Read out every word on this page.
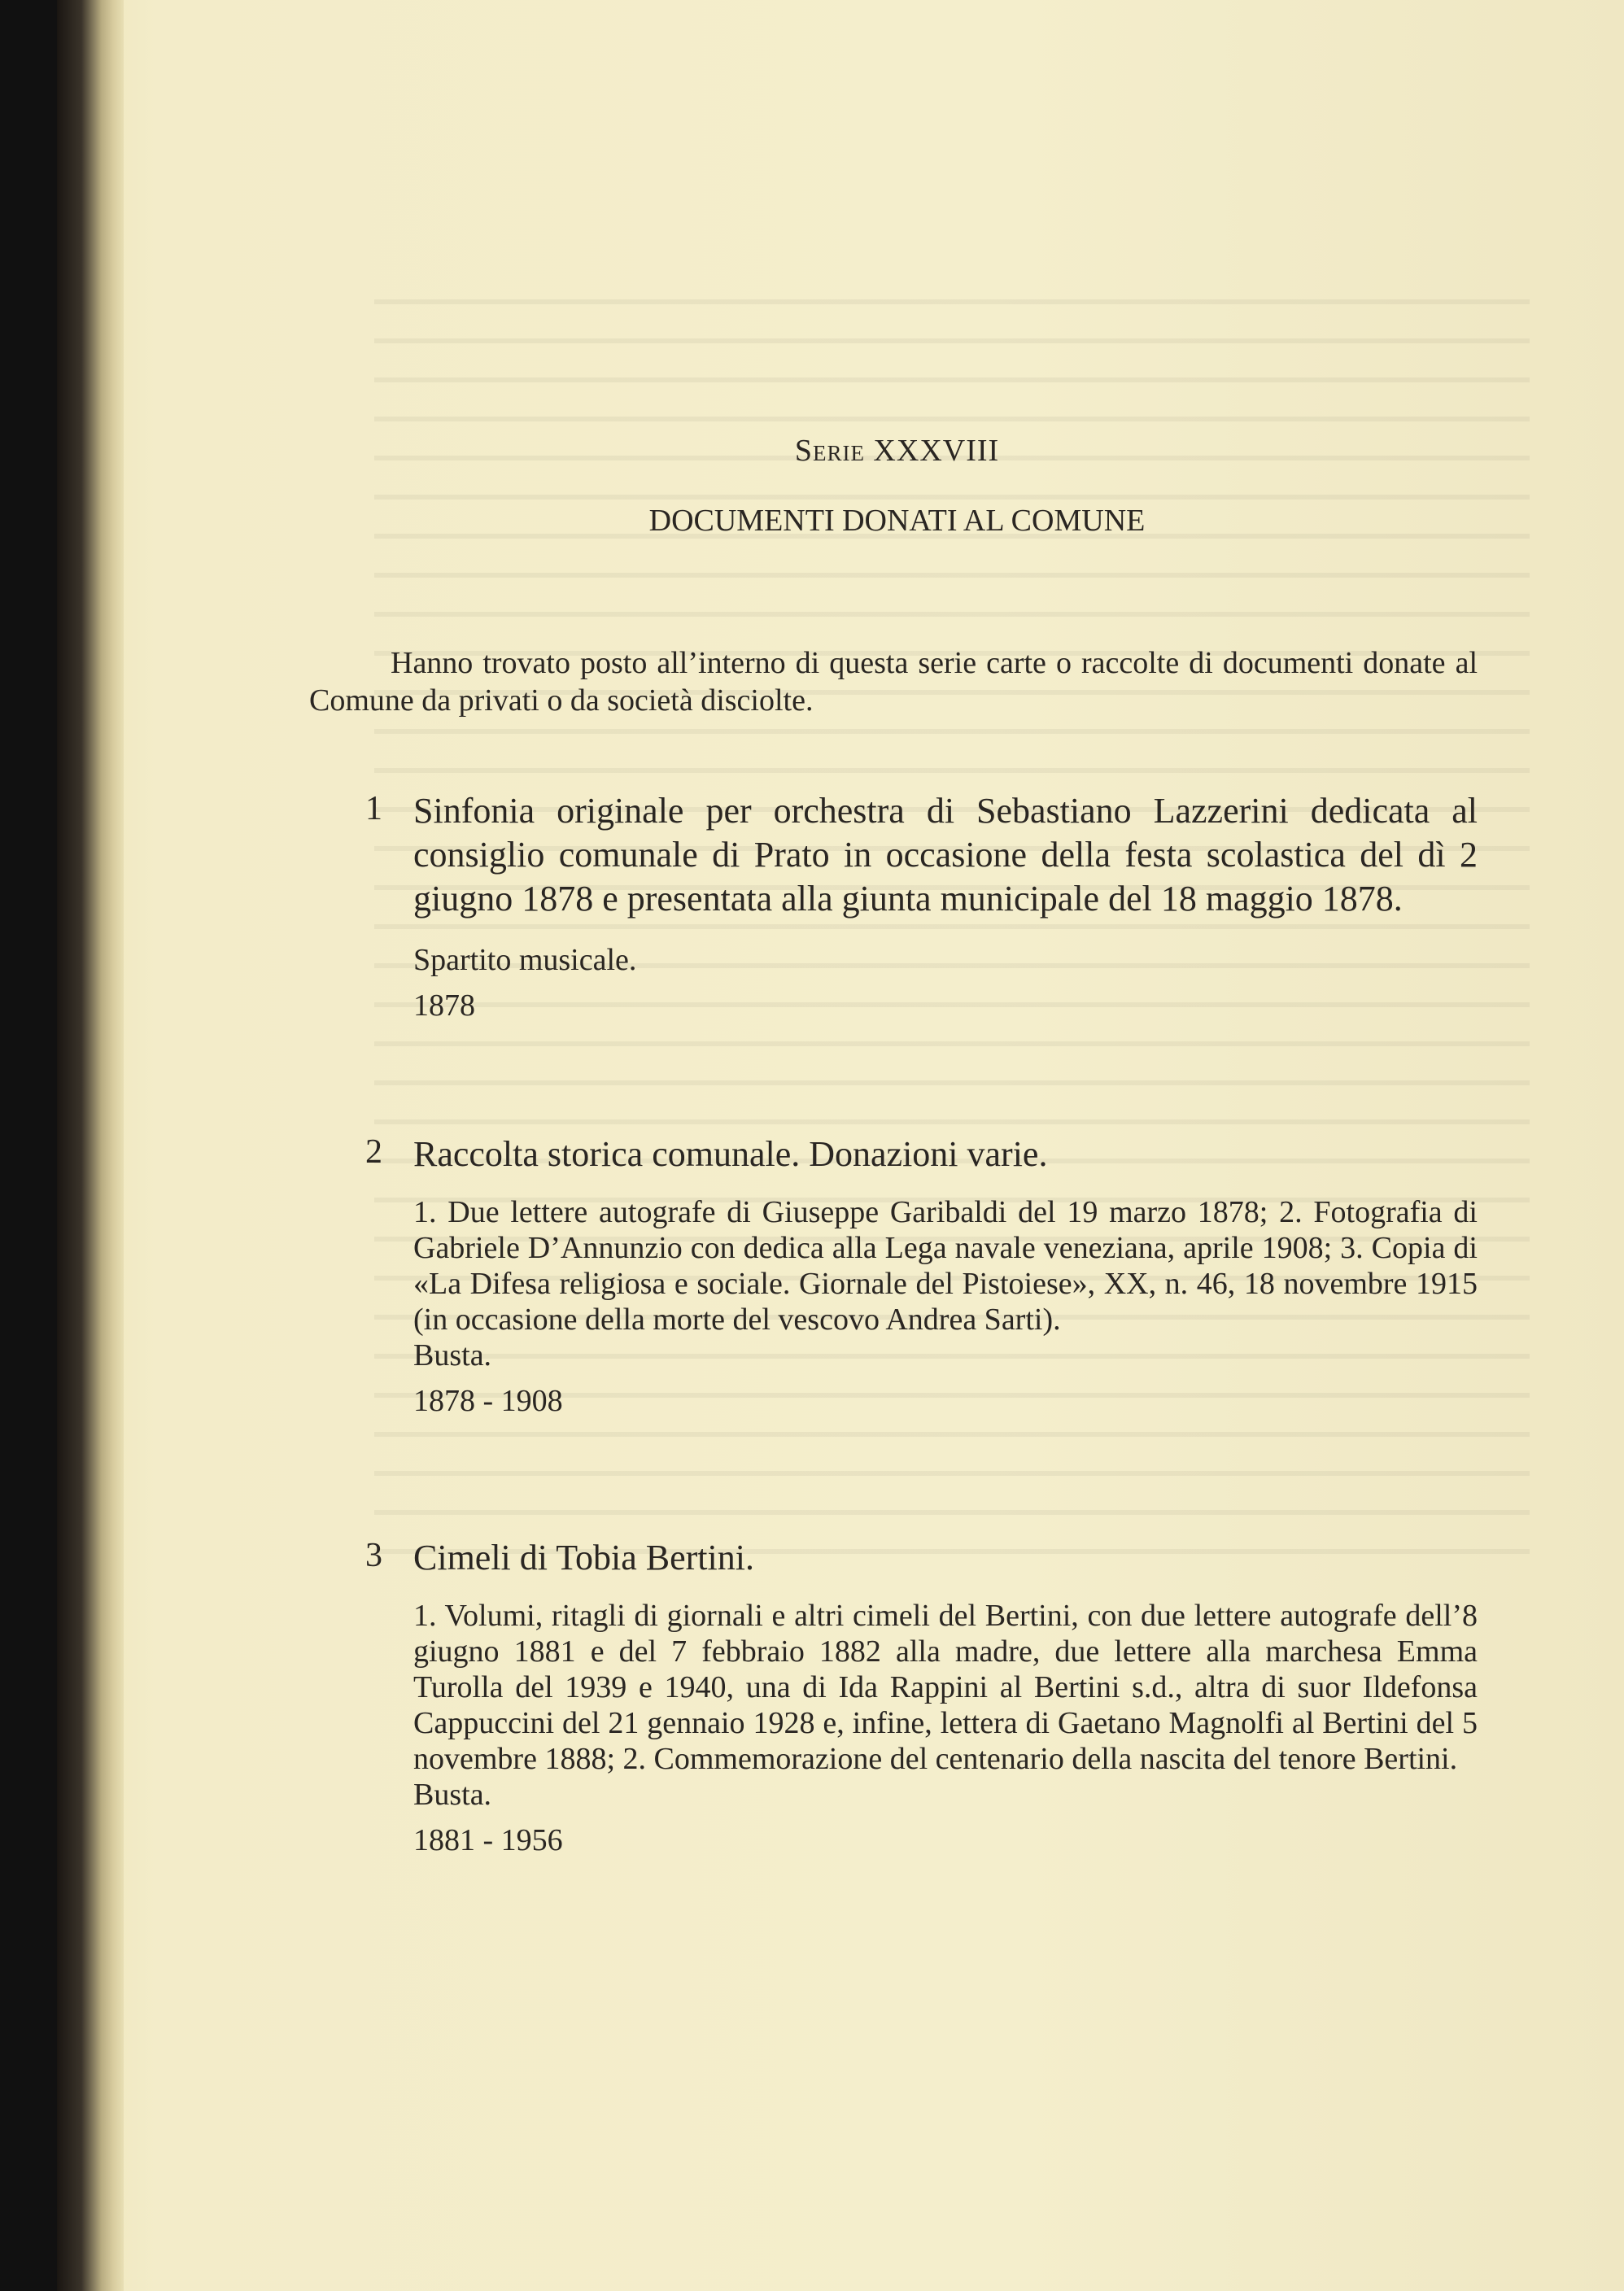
Serie XXXVIII
DOCUMENTI DONATI AL COMUNE

Hanno trovato posto all’interno di questa serie carte o raccolte di documenti donate al Comune da privati o da società disciolte.

1 Sinfonia originale per orchestra di Sebastiano Lazzerini dedicata al consiglio comunale di Prato in occasione della festa scolastica del dì 2 giugno 1878 e presentata alla giunta municipale del 18 maggio 1878.

Spartito musicale.

1878

2 Raccolta storica comunale. Donazioni varie.

1. Due lettere autografe di Giuseppe Garibaldi del 19 marzo 1878; 2. Fotografia di Gabriele D’Annunzio con dedica alla Lega navale veneziana, aprile 1908; 3. Copia di «La Difesa religiosa e sociale. Giornale del Pistoiese», XX, n. 46, 18 novembre 1915 (in occasione della morte del vescovo Andrea Sarti).

Busta.

1878 - 1908

3 Cimeli di Tobia Bertini.

1. Volumi, ritagli di giornali e altri cimeli del Bertini, con due lettere autografe dell’8 giugno 1881 e del 7 febbraio 1882 alla madre, due lettere alla marchesa Emma Turolla del 1939 e 1940, una di Ida Rappini al Bertini s.d., altra di suor Ildefonsa Cappuccini del 21 gennaio 1928 e, infine, lettera di Gaetano Magnolfi al Bertini del 5 novembre 1888; 2. Commemorazione del centenario della nascita del tenore Bertini.

Busta.

1881 - 1956
